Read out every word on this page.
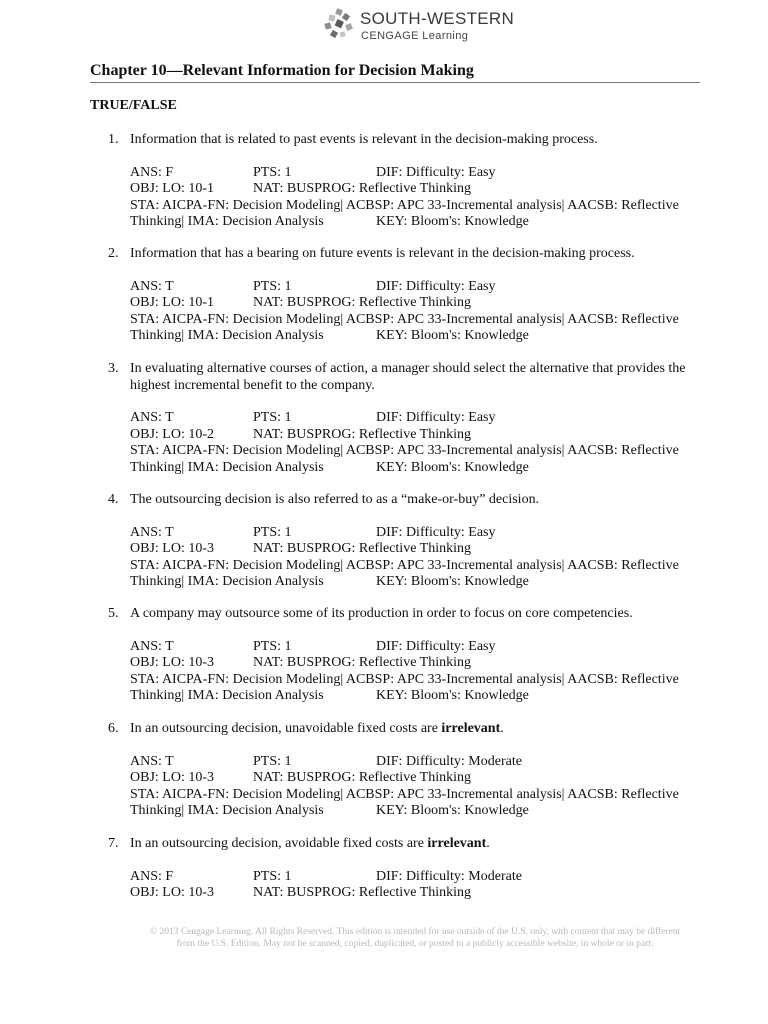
SOUTH-WESTERN
CENGAGE Learning
Chapter 10—Relevant Information for Decision Making
TRUE/FALSE
1. Information that is related to past events is relevant in the decision-making process.

ANS: F	PTS: 1	DIF: Difficulty: Easy
OBJ: LO: 10-1	NAT: BUSPROG: Reflective Thinking
STA: AICPA-FN: Decision Modeling| ACBSP: APC 33-Incremental analysis| AACSB: Reflective
Thinking| IMA: Decision Analysis	KEY: Bloom's: Knowledge
2. Information that has a bearing on future events is relevant in the decision-making process.

ANS: T	PTS: 1	DIF: Difficulty: Easy
OBJ: LO: 10-1	NAT: BUSPROG: Reflective Thinking
STA: AICPA-FN: Decision Modeling| ACBSP: APC 33-Incremental analysis| AACSB: Reflective
Thinking| IMA: Decision Analysis	KEY: Bloom's: Knowledge
3. In evaluating alternative courses of action, a manager should select the alternative that provides the highest incremental benefit to the company.

ANS: T	PTS: 1	DIF: Difficulty: Easy
OBJ: LO: 10-2	NAT: BUSPROG: Reflective Thinking
STA: AICPA-FN: Decision Modeling| ACBSP: APC 33-Incremental analysis| AACSB: Reflective
Thinking| IMA: Decision Analysis	KEY: Bloom's: Knowledge
4. The outsourcing decision is also referred to as a “make-or-buy” decision.

ANS: T	PTS: 1	DIF: Difficulty: Easy
OBJ: LO: 10-3	NAT: BUSPROG: Reflective Thinking
STA: AICPA-FN: Decision Modeling| ACBSP: APC 33-Incremental analysis| AACSB: Reflective
Thinking| IMA: Decision Analysis	KEY: Bloom's: Knowledge
5. A company may outsource some of its production in order to focus on core competencies.

ANS: T	PTS: 1	DIF: Difficulty: Easy
OBJ: LO: 10-3	NAT: BUSPROG: Reflective Thinking
STA: AICPA-FN: Decision Modeling| ACBSP: APC 33-Incremental analysis| AACSB: Reflective
Thinking| IMA: Decision Analysis	KEY: Bloom's: Knowledge
6. In an outsourcing decision, unavoidable fixed costs are irrelevant.

ANS: T	PTS: 1	DIF: Difficulty: Moderate
OBJ: LO: 10-3	NAT: BUSPROG: Reflective Thinking
STA: AICPA-FN: Decision Modeling| ACBSP: APC 33-Incremental analysis| AACSB: Reflective
Thinking| IMA: Decision Analysis	KEY: Bloom's: Knowledge
7. In an outsourcing decision, avoidable fixed costs are irrelevant.

ANS: F	PTS: 1	DIF: Difficulty: Moderate
OBJ: LO: 10-3	NAT: BUSPROG: Reflective Thinking
© 2013 Cengage Learning. All Rights Reserved. This edition is intended for use outside of the U.S. only, with content that may be different
from the U.S. Edition. May not be scanned, copied, duplicated, or posted to a publicly accessible website, in whole or in part.
